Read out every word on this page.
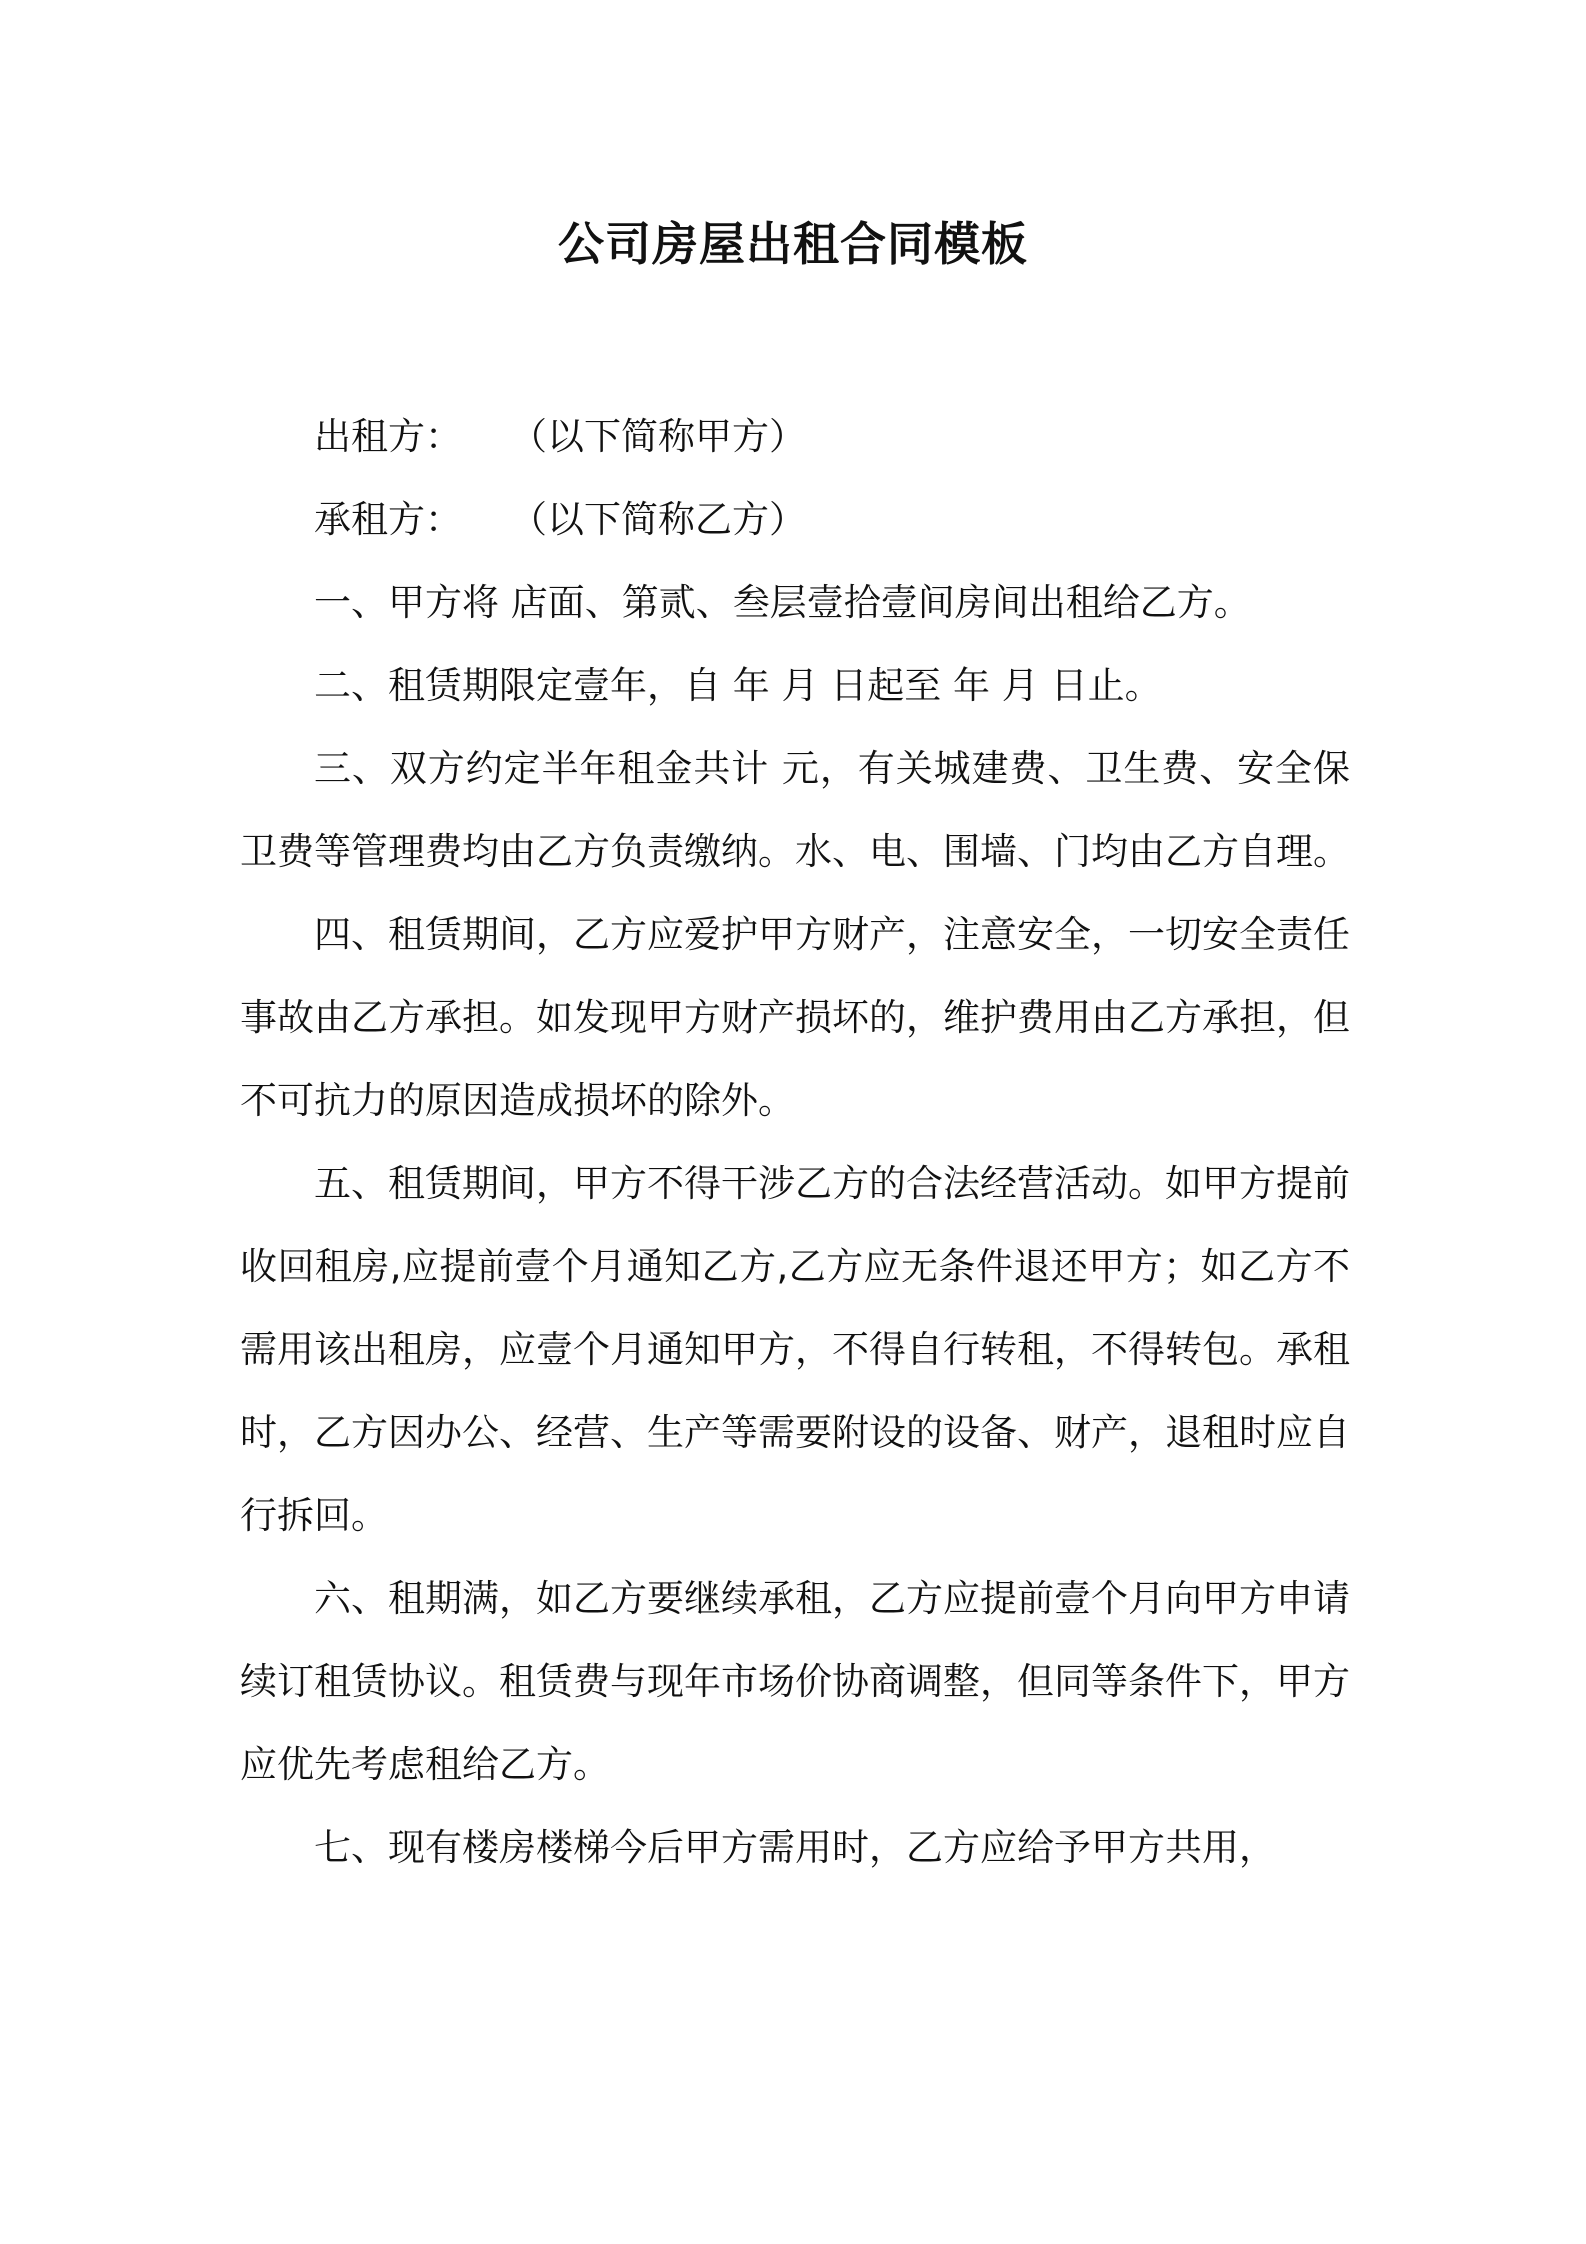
公司房屋出租合同模板

出租方： （以下简称甲方）

承租方： （以下简称乙方）

一、甲方将 店面、第贰、叁层壹拾壹间房间出租给乙方。

二、租赁期限定壹年，自 年 月 日起至 年 月 日止。

三、双方约定半年租金共计 元，有关城建费、卫生费、安全保卫费等管理费均由乙方负责缴纳。水、电、围墙、门均由乙方自理。

四、租赁期间，乙方应爱护甲方财产，注意安全，一切安全责任事故由乙方承担。如发现甲方财产损坏的，维护费用由乙方承担，但不可抗力的原因造成损坏的除外。

五、租赁期间，甲方不得干涉乙方的合法经营活动。如甲方提前收回租房,应提前壹个月通知乙方,乙方应无条件退还甲方；如乙方不需用该出租房，应壹个月通知甲方，不得自行转租，不得转包。承租时，乙方因办公、经营、生产等需要附设的设备、财产，退租时应自行拆回。

六、租期满，如乙方要继续承租，乙方应提前壹个月向甲方申请续订租赁协议。租赁费与现年市场价协商调整，但同等条件下，甲方应优先考虑租给乙方。

七、现有楼房楼梯今后甲方需用时，乙方应给予甲方共用，
